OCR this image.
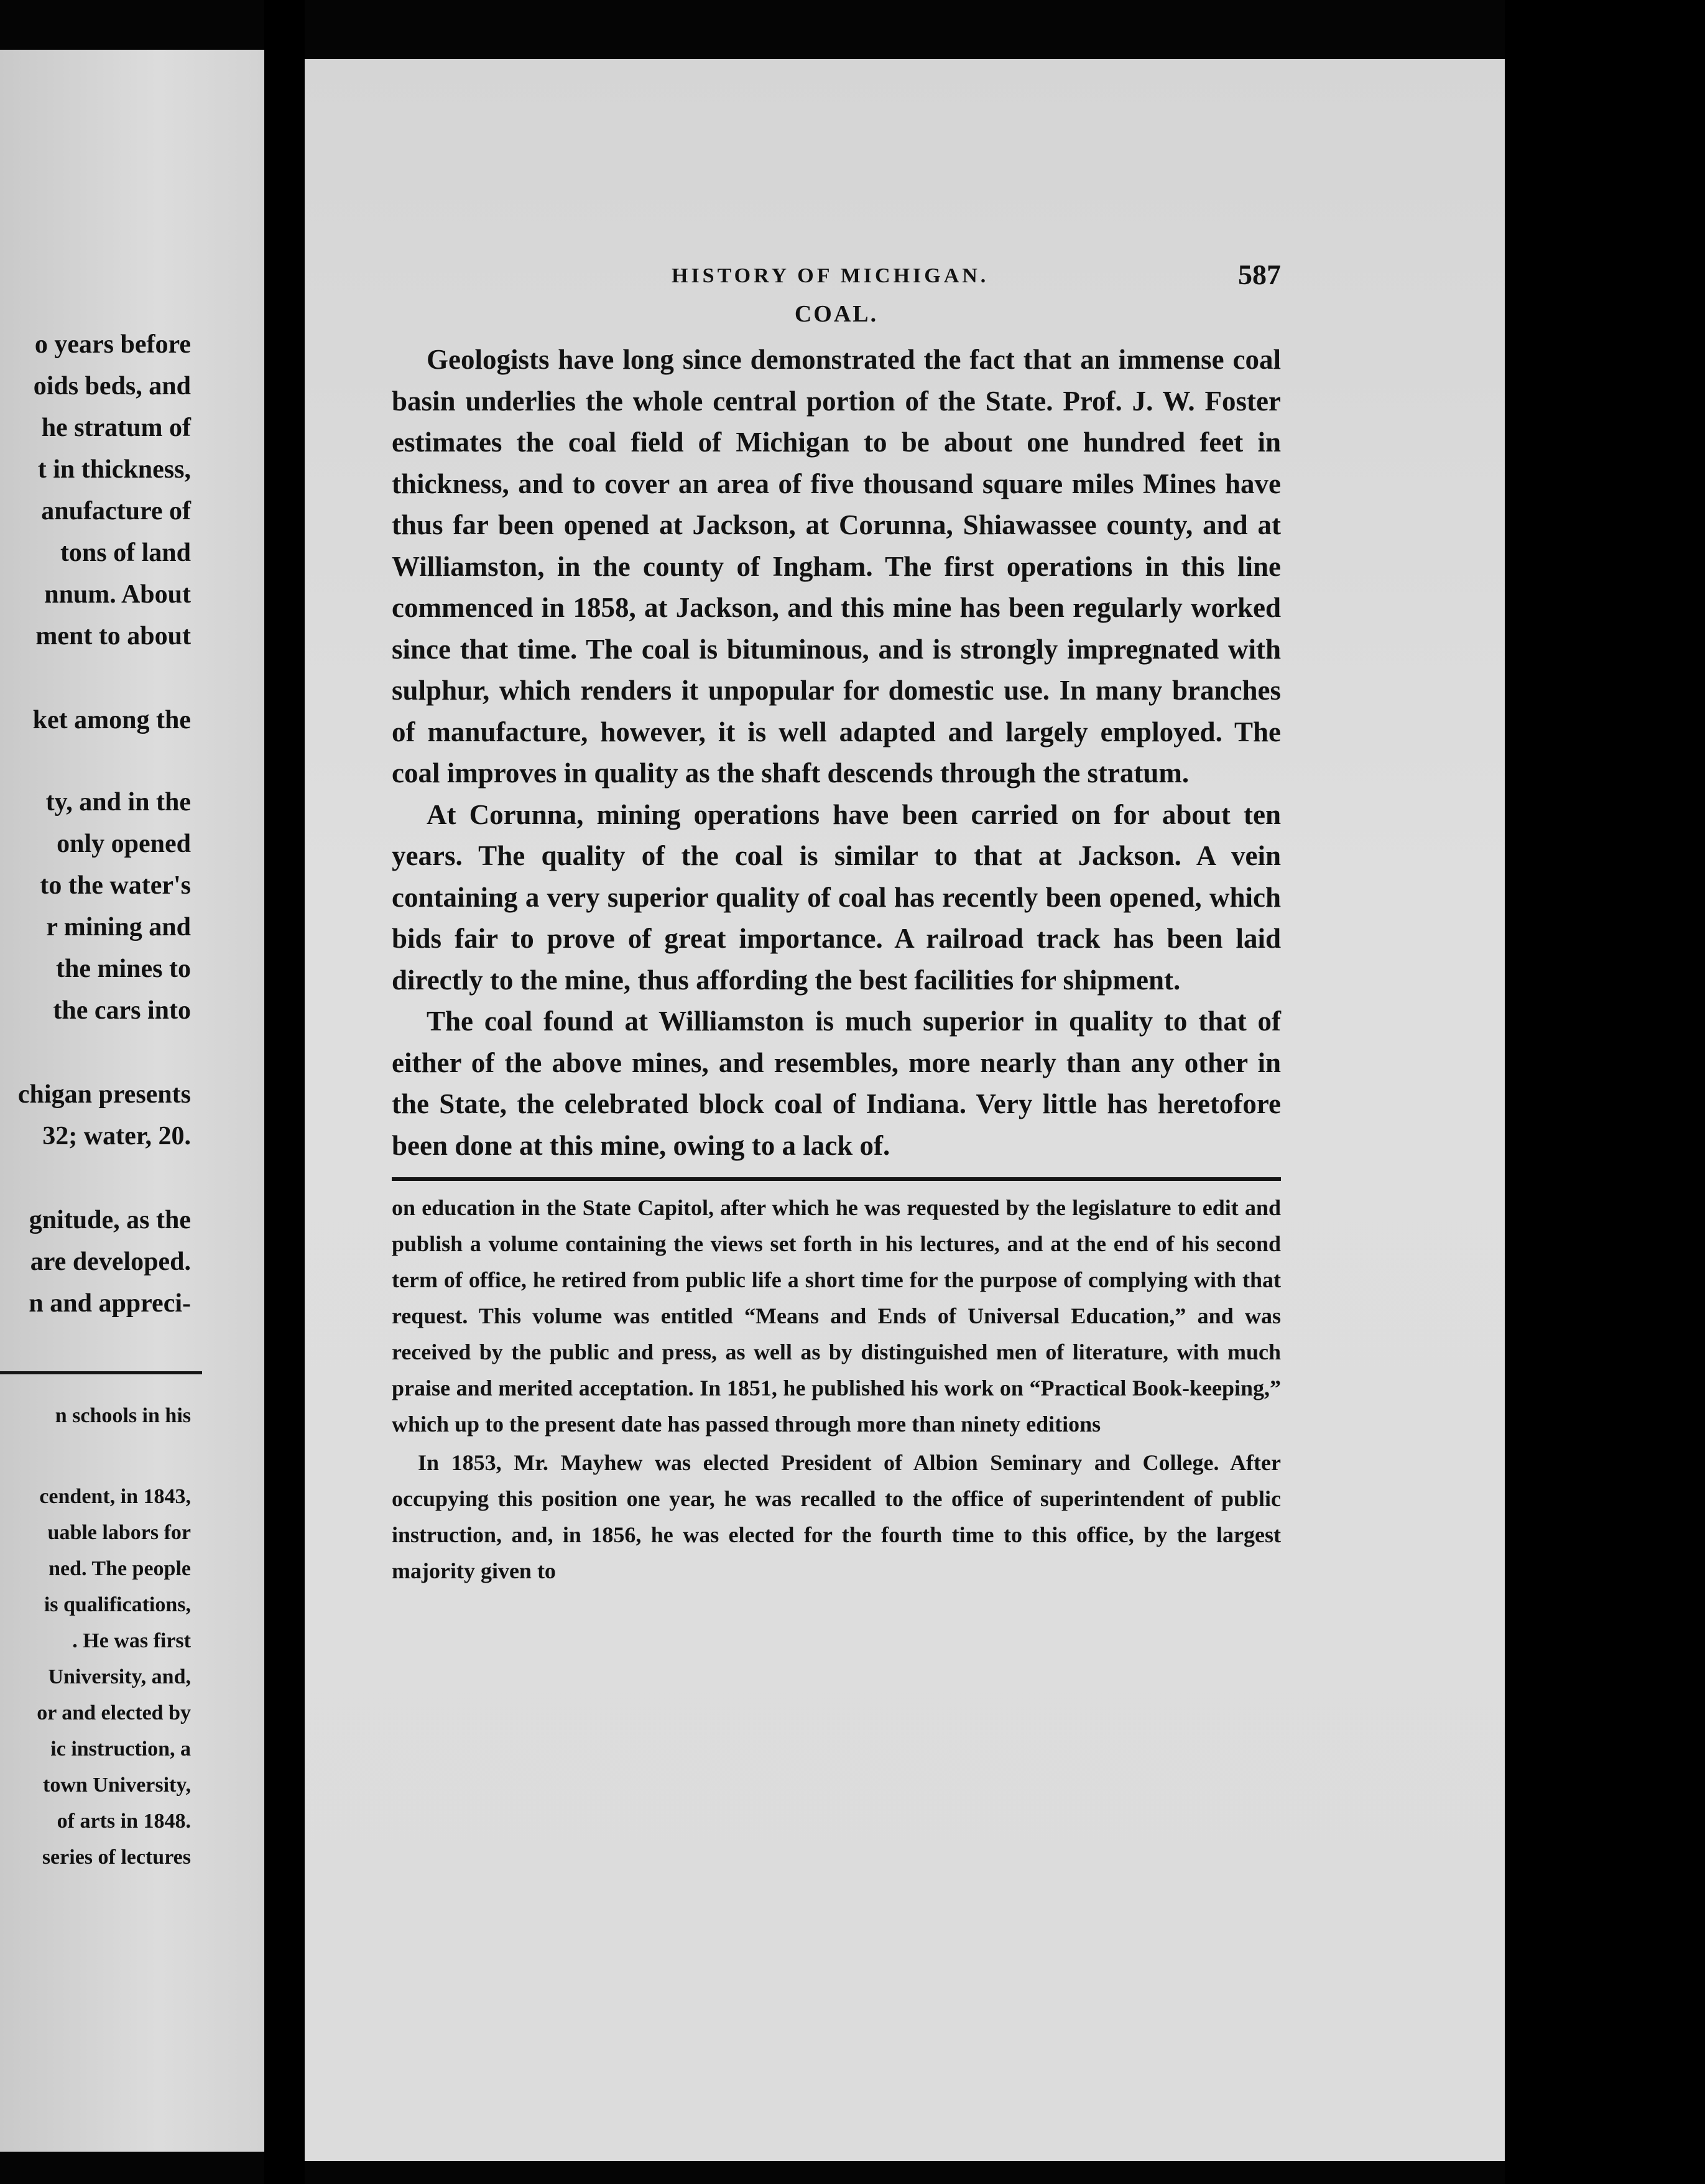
o years before
oids beds, and
he stratum of
t in thickness,
anufacture of
tons of land
nnum. About
ment to about
ket among the
ty, and in the
only opened
to the water's
r mining and
the mines to
the cars into
chigan presents
32; water, 20.
gnitude, as the
are developed.
n and appreci-
n schools in his
cendent, in 1843,
uable labors for
ned. The people
is qualifications,
. He was first
University, and,
or and elected by
ic instruction, a
town University,
of arts in 1848.
series of lectures
HISTORY OF MICHIGAN.	587
COAL.

Geologists have long since demonstrated the fact that an immense coal basin underlies the whole central portion of the State. Prof. J. W. Foster estimates the coal field of Michigan to be about one hundred feet in thickness, and to cover an area of five thousand square miles Mines have thus far been opened at Jackson, at Corunna, Shiawassee county, and at Williamston, in the county of Ingham. The first operations in this line commenced in 1858, at Jackson, and this mine has been regularly worked since that time. The coal is bituminous, and is strongly impregnated with sulphur, which renders it unpopular for domestic use. In many branches of manufacture, however, it is well adapted and largely employed. The coal improves in quality as the shaft descends through the stratum.

At Corunna, mining operations have been carried on for about ten years. The quality of the coal is similar to that at Jackson. A vein containing a very superior quality of coal has recently been opened, which bids fair to prove of great importance. A railroad track has been laid directly to the mine, thus affording the best facilities for shipment.

The coal found at Williamston is much superior in quality to that of either of the above mines, and resembles, more nearly than any other in the State, the celebrated block coal of Indiana. Very little has heretofore been done at this mine, owing to a lack of.

on education in the State Capitol, after which he was requested by the legislature to edit and publish a volume containing the views set forth in his lectures, and at the end of his second term of office, he retired from public life a short time for the purpose of complying with that request. This volume was entitled “Means and Ends of Universal Education,” and was received by the public and press, as well as by distinguished men of literature, with much praise and merited acceptation. In 1851, he published his work on “Practical Book-keeping,” which up to the present date has passed through more than ninety editions

In 1853, Mr. Mayhew was elected President of Albion Seminary and College. After occupying this position one year, he was recalled to the office of superintendent of public instruction, and, in 1856, he was elected for the fourth time to this office, by the largest majority given to
